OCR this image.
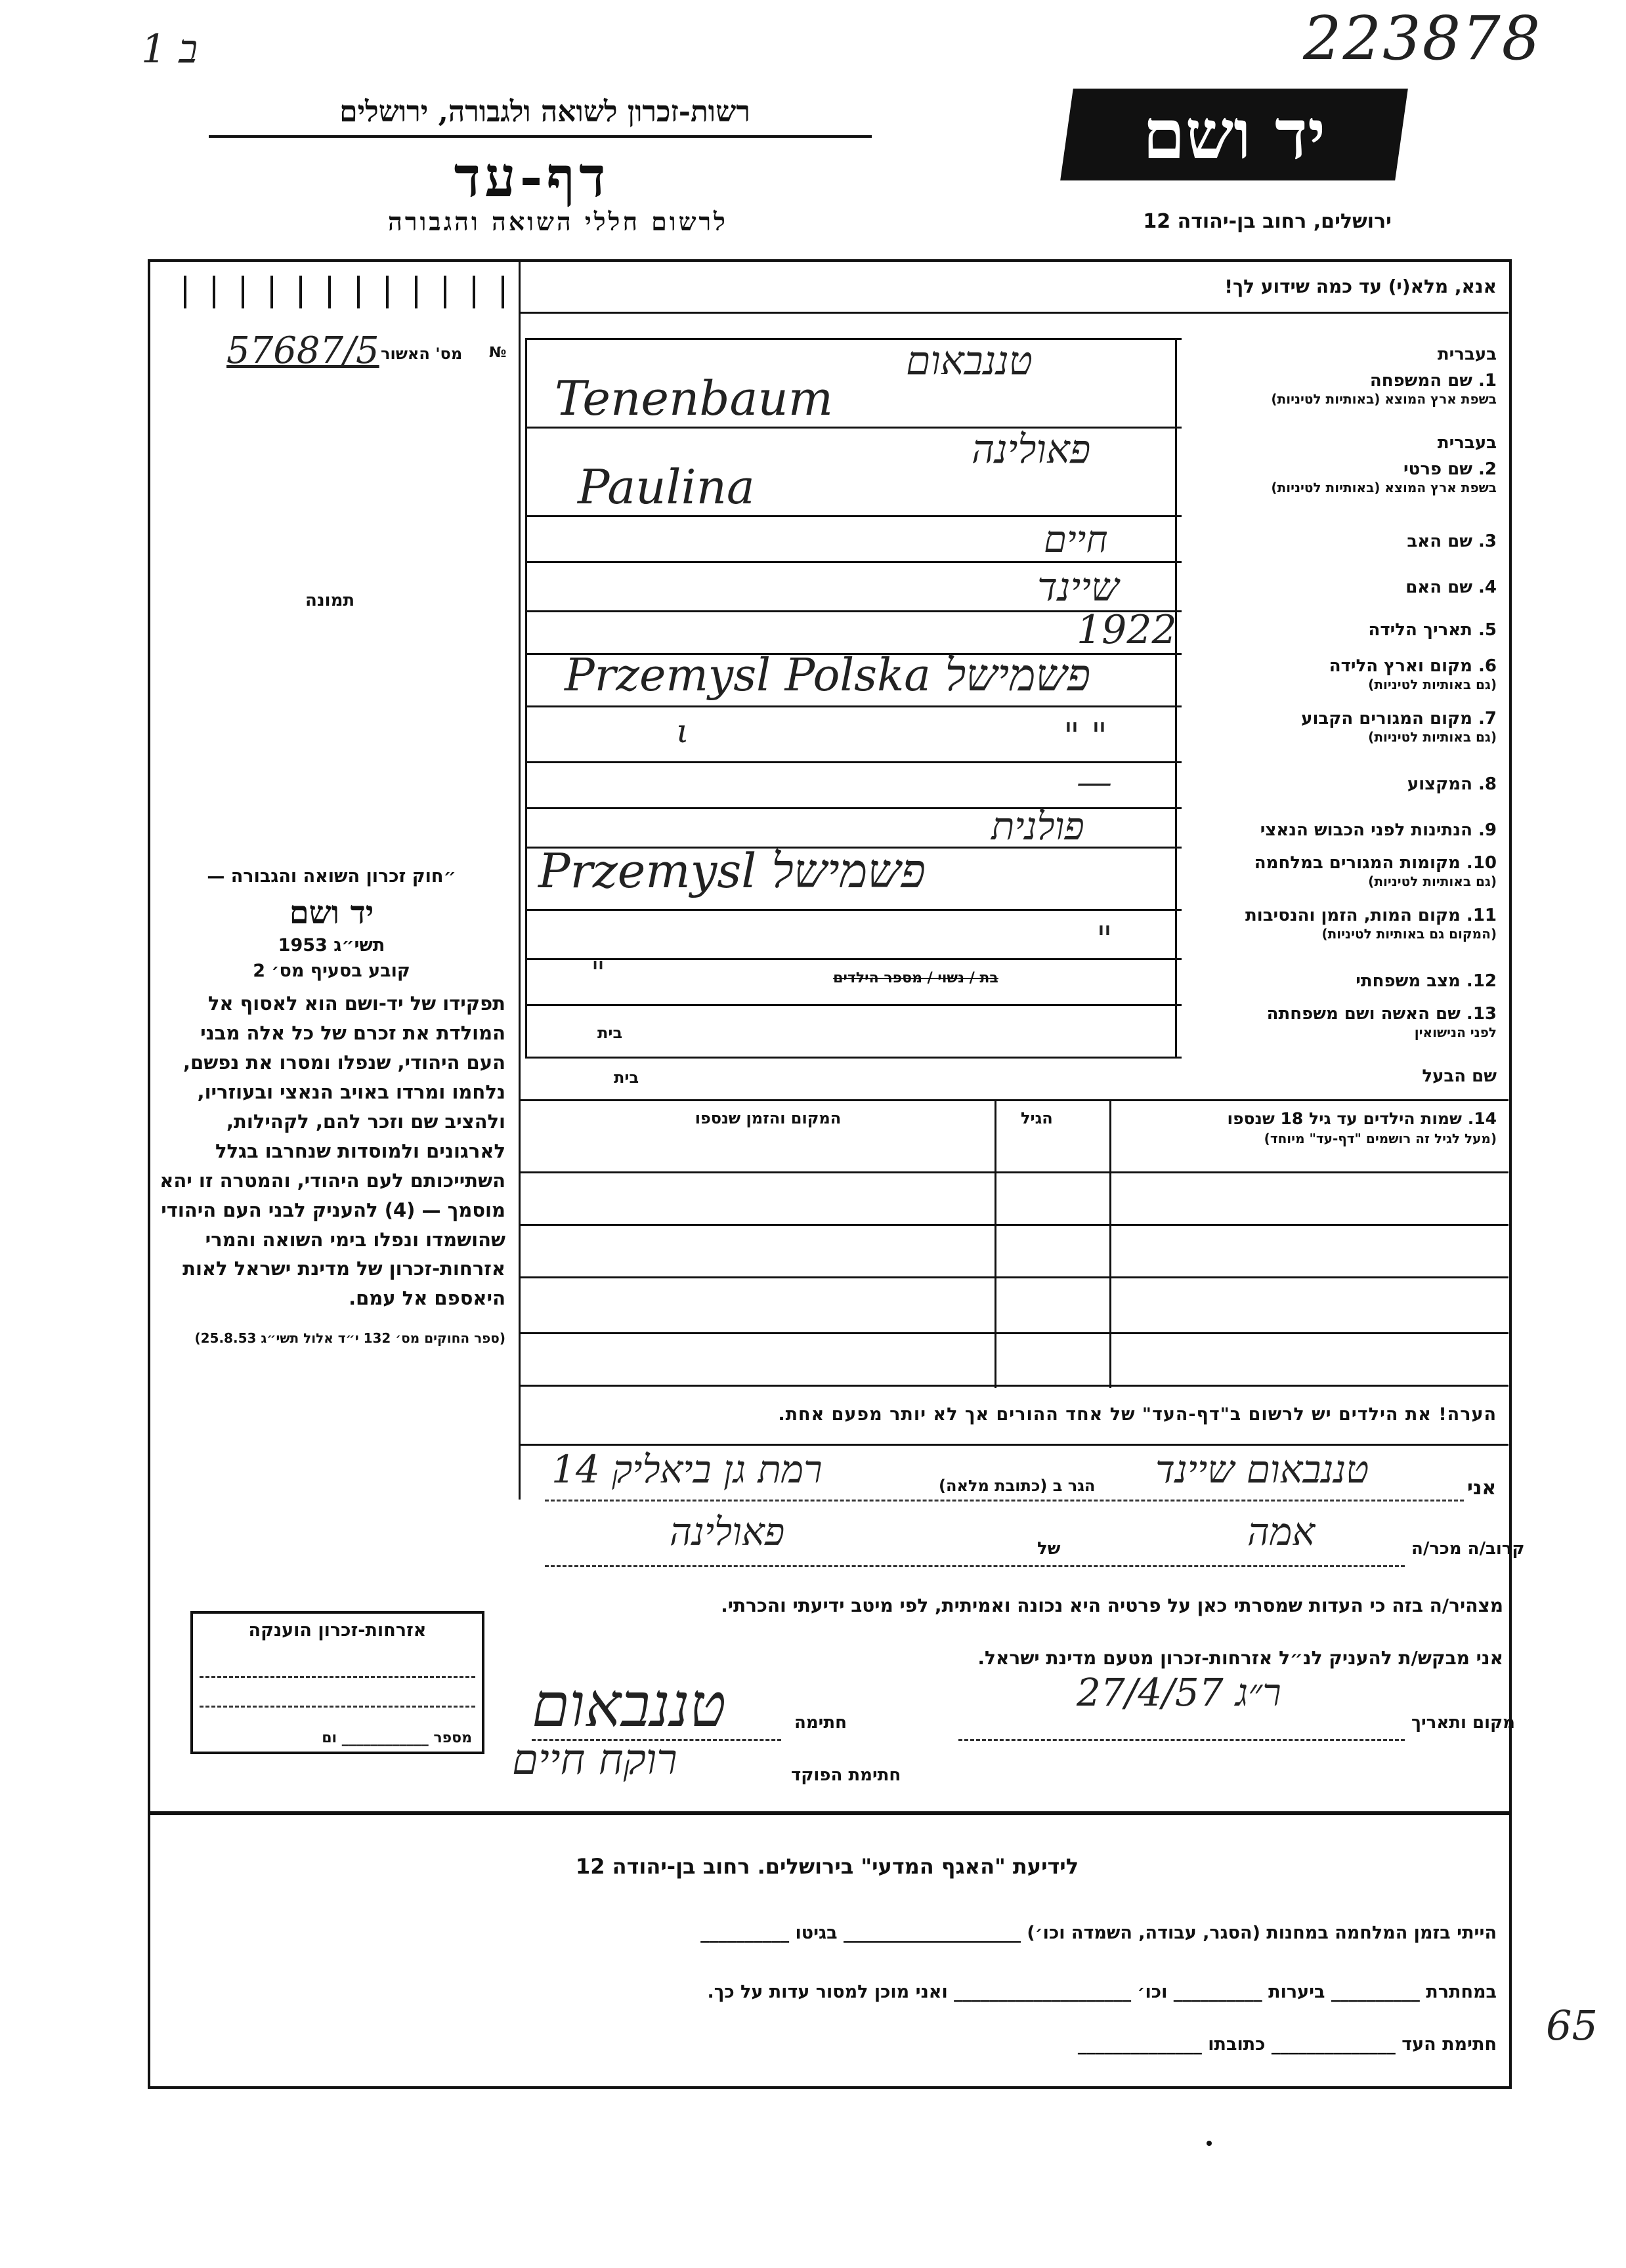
ב 1	223878
רשות-זכרון לשואה ולגבורה, ירושלים
דף-עד
לרשום חללי השואה והגבורה
יד ושם
ירושלים, רחוב בן-יהודה 12
אנא, מלא(י) עד כמה שידוע לך!
№
מס' האשור
57687/5
תמונה
בעברית
1. שם המשפחה
בשפת ארץ המוצא (באותיות לטיניות)
בעברית
2. שם פרטי
בשפת ארץ המוצא (באותיות לטיניות)
3. שם האב
4. שם האם
5. תאריך הלידה
6. מקום וארץ הלידה
(גם באותיות לטיניות)
7. מקום המגורים הקבוע
(גם באותיות לטיניות)
8. המקצוע
9. הנתינות לפני הכבוש הנאצי
10. מקומות המגורים במלחמה
(גם באותיות לטיניות)
11. מקום המות, הזמן והנסיבות
(המקום גם באותיות לטיניות)
12. מצב משפחתי
13. שם האשה ושם משפחתה
לפני הנישואין
שם הבעל
טננבאום
Tenenbaum
פאולינה
Paulina
חיים
שיינד
1922
Przemysl Polska פשמישל
" "
ι
—
פולנית
Przemysl פשמישל
"
"	בת / נשוי / מספר הילדים
בית
בית
14. שמות הילדים עד גיל 18 שנספו
(מעל לגיל זה רושמים "דף-עד" מיוחד)
הגיל
המקום והזמן שנספו
הערה! את הילדים יש לרשום ב"דף-העד" של אחד ההורים אך לא יותר מפעם אחת.
״חוק זכרון השואה והגבורה —
יד ושם
תשי״ג 1953
קובע בסעיף מס׳ 2
תפקידו של יד-ושם הוא לאסוף אל המולדת את זכרם של כל אלה מבני העם היהודי, שנפלו ומסרו את נפשם, נלחמו ומרדו באויב הנאצי ובעוזריו, ולהציב שם וזכר להם, לקהילות, לארגונים ולמוסדות שנחרבו בגלל השתייכותם לעם היהודי, והמטרה זו יהא מוסמך — (4) להעניק לבני העם היהודי שהושמדו ונפלו בימי השואה והמרי אזרחות-זכרון של מדינת ישראל לאות היאספם אל עמם.
(ספר החוקים מס׳ 132 י״ד אלול תשי״ג 25.8.53)
אזרחות-זכרון הוענקה
מספר ____________ ום
אני
טננבאום שיינד
הגר ב (כתובת מלאה)
רמת גן ביאליק 14
קרוב/ה מכר/ה
אמה
של
פאולינה
מצהיר/ה בזה כי העדות שמסרתי כאן על פרטיה היא נכונה ואמיתית, לפי מיטב ידיעתי והכרתי.
אני מבקש/ת להעניק לנ״ל אזרחות-זכרון מטעם מדינת ישראל.
מקום ותאריך
ר״ג 27/4/57
חתימה
טננבאום
חתימת הפוקד
רוקח חיים
לידיעת "האגף המדעי" בירושלים. רחוב בן-יהודה 12
הייתי בזמן המלחמה במחנות (הסגר, עבודה, השמדה וכו׳) ____________________ בגיטו __________
במחתרת __________ ביערות __________ וכו׳ ____________________ ואני מוכן למסור עדות על כך.
חתימת העד ______________ כתובתו ______________ 65
